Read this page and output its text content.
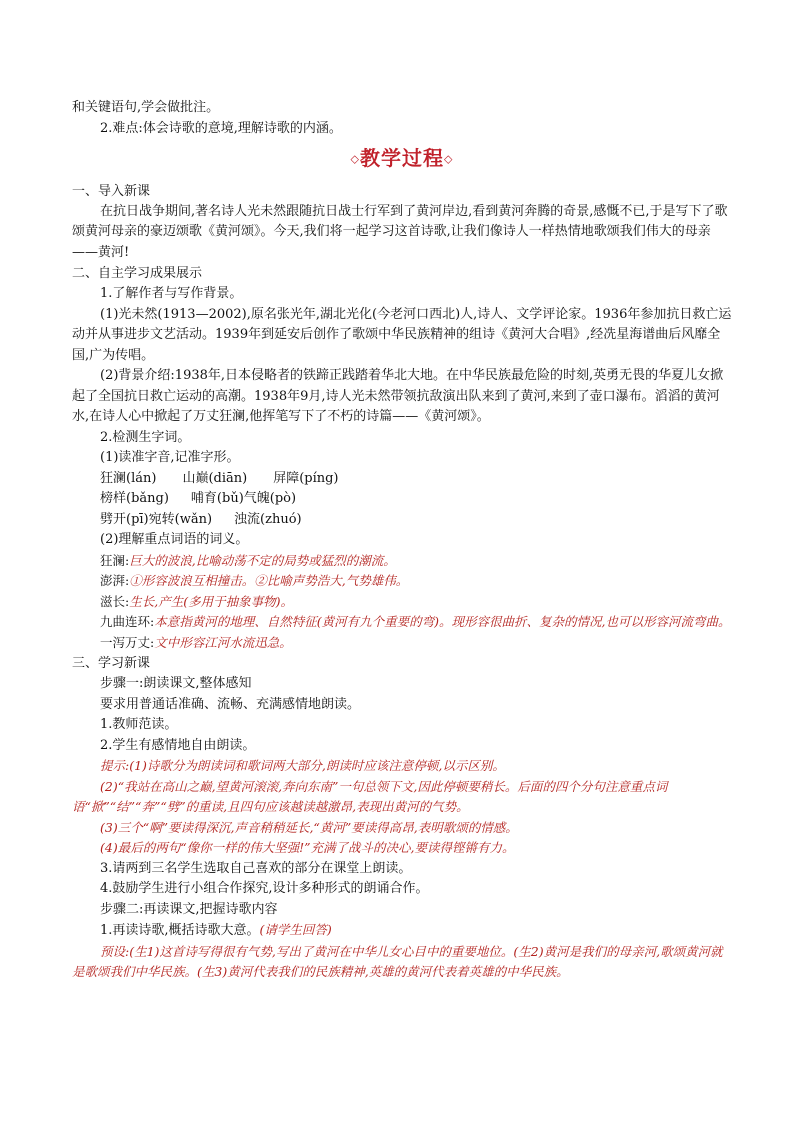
和关键语句,学会做批注。
2.难点:体会诗歌的意境,理解诗歌的内涵。
◇教学过程◇
一、导入新课
在抗日战争期间,著名诗人光未然跟随抗日战士行军到了黄河岸边,看到黄河奔腾的奇景,感慨不已,于是写下了歌颂黄河母亲的豪迈颂歌《黄河颂》。今天,我们将一起学习这首诗歌,让我们像诗人一样热情地歌颂我们伟大的母亲——黄河!
二、自主学习成果展示
1.了解作者与写作背景。
(1)光未然(1913—2002),原名张光年,湖北光化(今老河口西北)人,诗人、文学评论家。1936年参加抗日救亡运动并从事进步文艺活动。1939年到延安后创作了歌颂中华民族精神的组诗《黄河大合唱》,经冼星海谱曲后风靡全国,广为传唱。
(2)背景介绍:1938年,日本侵略者的铁蹄正践踏着华北大地。在中华民族最危险的时刻,英勇无畏的华夏儿女掀起了全国抗日救亡运动的高潮。1938年9月,诗人光未然带领抗敌演出队来到了黄河,来到了壶口瀑布。滔滔的黄河水,在诗人心中掀起了万丈狂澜,他挥笔写下了不朽的诗篇——《黄河颂》。
2.检测生字词。
(1)读准字音,记准字形。
狂澜(lán) 山巅(diān) 屏障(píng)
榜样(bǎng) 哺育(bǔ)气魄(pò)
劈开(pī)宛转(wǎn) 浊流(zhuó)
(2)理解重点词语的词义。
狂澜:巨大的波浪,比喻动荡不定的局势或猛烈的潮流。
澎湃:①形容波浪互相撞击。②比喻声势浩大,气势雄伟。
滋长:生长,产生(多用于抽象事物)。
九曲连环:本意指黄河的地理、自然特征(黄河有九个重要的弯)。现形容很曲折、复杂的情况,也可以形容河流弯曲。
一泻万丈:文中形容江河水流迅急。
三、学习新课
步骤一:朗读课文,整体感知
要求用普通话准确、流畅、充满感情地朗读。
1.教师范读。
2.学生有感情地自由朗读。
提示:(1)诗歌分为朗读词和歌词两大部分,朗读时应该注意停顿,以示区别。
(2)“我站在高山之巅,望黄河滚滚,奔向东南”一句总领下文,因此停顿要稍长。后面的四个分句注意重点词语“掀”“结”“奔”“劈”的重读,且四句应该越读越激昂,表现出黄河的气势。
(3)三个“啊”要读得深沉,声音稍稍延长,“黄河”要读得高昂,表明歌颂的情感。
(4)最后的两句“像你一样的伟大坚强!”充满了战斗的决心,要读得铿锵有力。
3.请两到三名学生选取自己喜欢的部分在课堂上朗读。
4.鼓励学生进行小组合作探究,设计多种形式的朗诵合作。
步骤二:再读课文,把握诗歌内容
1.再读诗歌,概括诗歌大意。(请学生回答)
预设:(生1)这首诗写得很有气势,写出了黄河在中华儿女心目中的重要地位。(生2)黄河是我们的母亲河,歌颂黄河就是歌颂我们中华民族。(生3)黄河代表我们的民族精神,英雄的黄河代表着英雄的中华民族。
